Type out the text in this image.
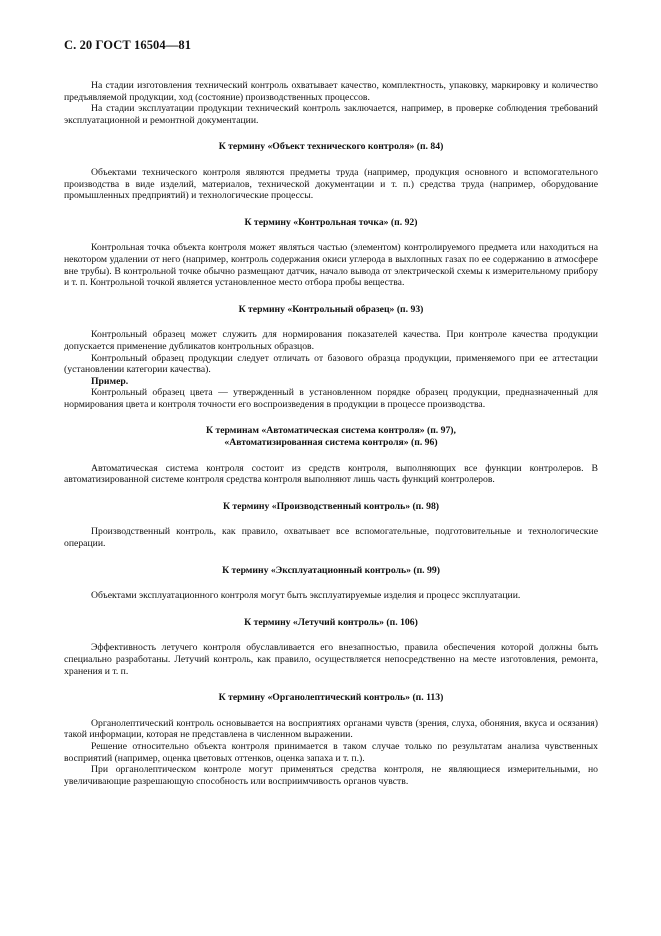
С. 20 ГОСТ 16504—81

На стадии изготовления технический контроль охватывает качество, комплектность, упаковку, маркировку и количество предъявляемой продукции, ход (состояние) производственных процессов.

На стадии эксплуатации продукции технический контроль заключается, например, в проверке соблюдения требований эксплуатационной и ремонтной документации.

К термину «Объект технического контроля» (п. 84)

Объектами технического контроля являются предметы труда (например, продукция основного и вспомогательного производства в виде изделий, материалов, технической документации и т. п.) средства труда (например, оборудование промышленных предприятий) и технологические процессы.

К термину «Контрольная точка» (п. 92)

Контрольная точка объекта контроля может являться частью (элементом) контролируемого предмета или находиться на некотором удалении от него (например, контроль содержания окиси углерода в выхлопных газах по ее содержанию в атмосфере вне трубы). В контрольной точке обычно размещают датчик, начало вывода от электрической схемы к измерительному прибору и т. п. Контрольной точкой является установленное место отбора пробы вещества.

К термину «Контрольный образец» (п. 93)

Контрольный образец может служить для нормирования показателей качества. При контроле качества продукции допускается применение дубликатов контрольных образцов.

Контрольный образец продукции следует отличать от базового образца продукции, применяемого при ее аттестации (установлении категории качества).

Пример.

Контрольный образец цвета — утвержденный в установленном порядке образец продукции, предназначенный для нормирования цвета и контроля точности его воспроизведения в продукции в процессе производства.

К терминам «Автоматическая система контроля» (п. 97),
«Автоматизированная система контроля» (п. 96)

Автоматическая система контроля состоит из средств контроля, выполняющих все функции контролеров. В автоматизированной системе контроля средства контроля выполняют лишь часть функций контролеров.

К термину «Производственный контроль» (п. 98)

Производственный контроль, как правило, охватывает все вспомогательные, подготовительные и технологические операции.

К термину «Эксплуатационный контроль» (п. 99)

Объектами эксплуатационного контроля могут быть эксплуатируемые изделия и процесс эксплуатации.

К термину «Летучий контроль» (п. 106)

Эффективность летучего контроля обуславливается его внезапностью, правила обеспечения которой должны быть специально разработаны. Летучий контроль, как правило, осуществляется непосредственно на месте изготовления, ремонта, хранения и т. п.

К термину «Органолептический контроль» (п. 113)

Органолептический контроль основывается на восприятиях органами чувств (зрения, слуха, обоняния, вкуса и осязания) такой информации, которая не представлена в численном выражении.

Решение относительно объекта контроля принимается в таком случае только по результатам анализа чувственных восприятий (например, оценка цветовых оттенков, оценка запаха и т. п.).

При органолептическом контроле могут применяться средства контроля, не являющиеся измерительными, но увеличивающие разрешающую способность или восприимчивость органов чувств.
